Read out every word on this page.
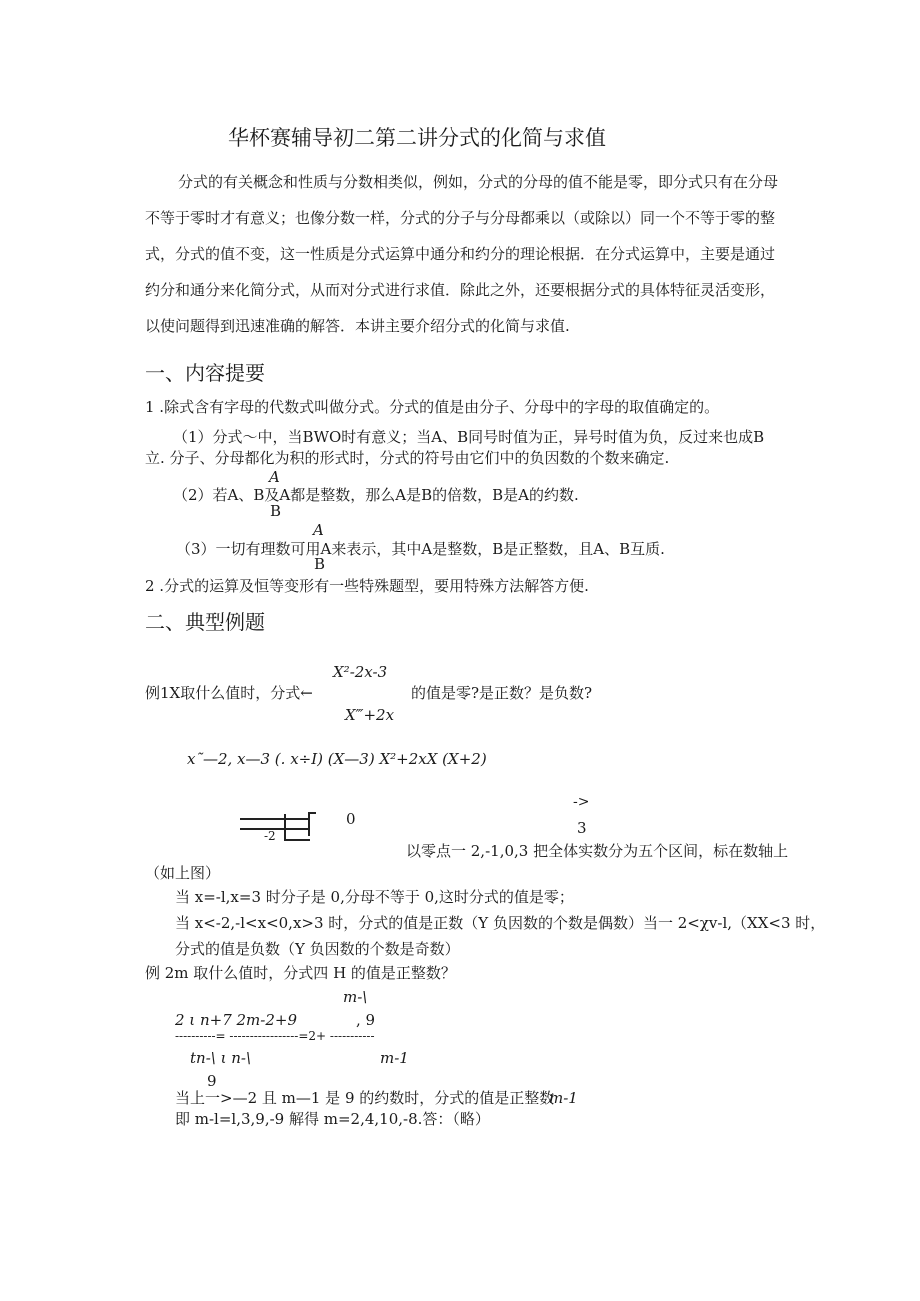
华杯赛辅导初二第二讲分式的化简与求值
分式的有关概念和性质与分数相类似，例如，分式的分母的值不能是零，即分式只有在分母
不等于零时才有意义；也像分数一样，分式的分子与分母都乘以（或除以）同一个不等于零的整
式，分式的值不变，这一性质是分式运算中通分和约分的理论根据．在分式运算中，主要是通过
约分和通分来化简分式，从而对分式进行求值．除此之外，还要根据分式的具体特征灵活变形，
以使问题得到迅速准确的解答．本讲主要介绍分式的化简与求值.
一、内容提要
1 .除式含有字母的代数式叫做分式。分式的值是由分子、分母中的字母的取值确定的。
（1）分式～中，当BWO时有意义；当A、B同号时值为正，异号时值为负，反过来也成B
立. 分子、分母都化为积的形式时，分式的符号由它们中的负因数的个数来确定.
A
（2）若A、B及A都是整数，那么A是B的倍数，B是A的约数.
B
A
（3）一切有理数可用A来表示，其中A是整数，B是正整数，且A、B互质.
B
2 .分式的运算及恒等变形有一些特殊题型，要用特殊方法解答方便.
二、典型例题
X²-2x-3
例1X取什么值时，分式←	的值是零?是正数？是负数?
X‴+2x
x˜—2, x—3 (. x÷I) (X—3) X²+2xX (X+2)
-2
0
->
3
以零点一 2,-1,0,3 把全体实数分为五个区间，标在数轴上
（如上图）
当 x=-l,x=3 时分子是 0,分母不等于 0,这时分式的值是零；
当 x<-2,-l<x<0,x>3 时，分式的值是正数（Y 负因数的个数是偶数）当一 2<χv-l,（XX<3 时，
分式的值是负数（Y 负因数的个数是奇数）
例 2m 取什么值时，分式四 H 的值是正整数？
m-\
2 ι n+7 2m-2+9	, 9
----------= -----------------=2+ -----------
tn-\ ι n-\	m-1
9
当上一>—2 且 m—1 是 9 的约数时，分式的值是正整数
m-1
即 m-l=l,3,9,-9 解得 m=2,4,10,-8.答：（略）
